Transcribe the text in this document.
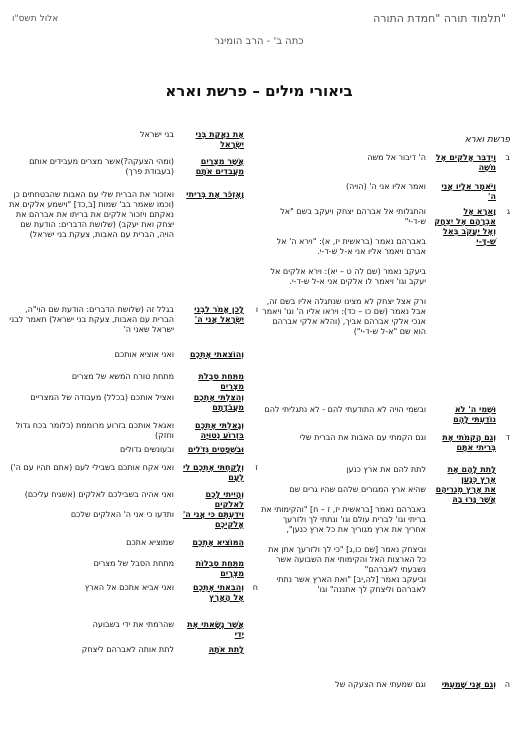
תלמוד תורה "חמדת התורה"
אלול תשס"ו
כתה ב' - הרב הומינר
ביאורי מילים – פרשת וארא
פרשת וארא
ב
וַיְדַבֵּר אֱלֹקִים אֶל מֹשֶׁה
ה' דיבור אל משה
וַיֹּאמֶר אֵלָיו אֲנִי ה'
ואמר אליו אני ה' (הויה)
ג
וָאֵרָא אֶל אַבְרָהָם אֶל יִצְחָק וְאֶל יַעֲקֹב בְּאֵל שַׁ-דָּ-י
והתגלותי אל אברהם יצחק ויעקב בשם "אל ש-ד-י"

באברהם נאמר (בראשית יז, א): "וירא ה' אל אברם ויאמר אליו אני א-ל ש-ד-י.

ביעקב נאמר (שם לה ט – יא): וירא אלקים אל יעקב וגו' ויאמר לו אלקים אני א-ל ש-ד-י.

ורק אצל יצחק לא מצינו שנתגלה אליו בשם זה, אבל נאמר (שם כו – כד): ויראו אליו ה' וגו' ויאמר אנכי אלקי אברהם אביך, (והלא אלקי אברהם הוא שם "א-ל ש-ד-י")
וּשְׁמִי ה' לֹא נוֹדַעְתִּי לָהֶם
ובשמי הויה לא התודעתי להם - לא נתגליתי להם
ד
וְגַם הֲקִמֹתִי אֶת בְּרִיתִי אִתָּם
וגם הקמתי עם האבות את הברית שלי
לָתֵת לָהֶם אֶת אֶרֶץ כְּנָעַן
לתת להם את ארץ כנען
אֵת אֶרֶץ מְגֻרֵיהֶם אֲשֶׁר גָּרוּ בָהּ
שהיא ארץ המגורים שלהם שהיו גרים שם

באברהם נאמר [בראשית יז, ז – ח] "והקימותי את בריתי וגו' לברית עולם וגו' ונתתי לך ולזרעך אחריך את ארץ מגוריך את כל ארץ כנען",

וביצחק נאמר [שם כו,ג] "כי לך ולזרעך אתן את כל הארצות האל והקימותי את השבועה אשר נשבעתי לאברהם"
וביעקב נאמר [לה,יב] "ואת הארץ אשר נתתי לאברהם וליצחק לך אתננה" וגו'
ה
וְגַם אֲנִי שָׁמַעְתִּי
וגם שמעתי את הצעקה של
אֶת נַאֲקַת בְּנֵי יִשְׂרָאֵל
בני ישראל
אֲשֶׁר מִצְרַיִם מַעֲבִדִים אֹתָם
(ומהי הצעקה?)אשר מצרים מעבידים אותם (בעבודת פרך)
וָאֶזְכֹּר אֶת בְּרִיתִי
ואזכור את הברית שלי עם האבות שהבטחתים כן (וכמו שאמר בב' שמות [ב,כד] "וישמע אלקים את נאקתם ויזכור אלקים את בריתו את אברהם את יצחק ואת יעקב) (שלושת הדברים: הודעת שם הויה, הברית עם האבות, צעקת בני ישראל)
ו
לָכֵן אֱמֹר לִבְנֵי יִשְׂרָאֵל אֲנִי ה'
בגלל זה (שלושת הדברים: הודעת שם הוי"ה, הברית עם האבות, צעקת בני ישראל) תאמר לבני ישראל שאני ה'
וְהוֹצֵאתִי אֶתְכֶם
ואני אוציא אותכם
מִתַּחַת סִבְלֹת מִצְרַיִם
מתחת טורח המשא של מצרים
וְהִצַּלְתִּי אֶתְכֶם מֵעֲבֹדָתָם
ואציל אותכם (בכלל) מעבודה של המצריים
וְגָאַלְתִּי אֶתְכֶם בִּזְרוֹעַ נְטוּיָה
ואגאל אותכם בזרוע מרוממת (כלומר בכח גדול וחזק)
וּבִשְׁפָטִים גְּדֹלִים
ובעונשים גדולים
ז
וְלָקַחְתִּי אֶתְכֶם לִי לְעָם
ואני אקח אותכם בשבילי לעם (אתם תהיו עם ה')
וְהָיִיתִי לָכֶם לֵאלֹקִים
ואני אהיה בשבילכם לאלקים (אשגיח עליכם)
וִידַעְתֶּם כִּי אֲנִי ה' אֱלֹקֵיכֶם
ותדעו כי אני ה' האלקים שלכם
הַמּוֹצִיא אֶתְכֶם
שמוציא אתכם
מִתַּחַת סִבְלוֹת מִצְרָיִם
מתחת הסבל של מצרים
ח
וְהֵבֵאתִי אֶתְכֶם אֶל הָאָרֶץ
ואני אביא אתכם אל הארץ
אֲשֶׁר נָשָׂאתִי אֶת יָדִי
שהרמתי את ידי בשבועה
לָתֵת אֹתָהּ
לתת אותה לאברהם ליצחק
